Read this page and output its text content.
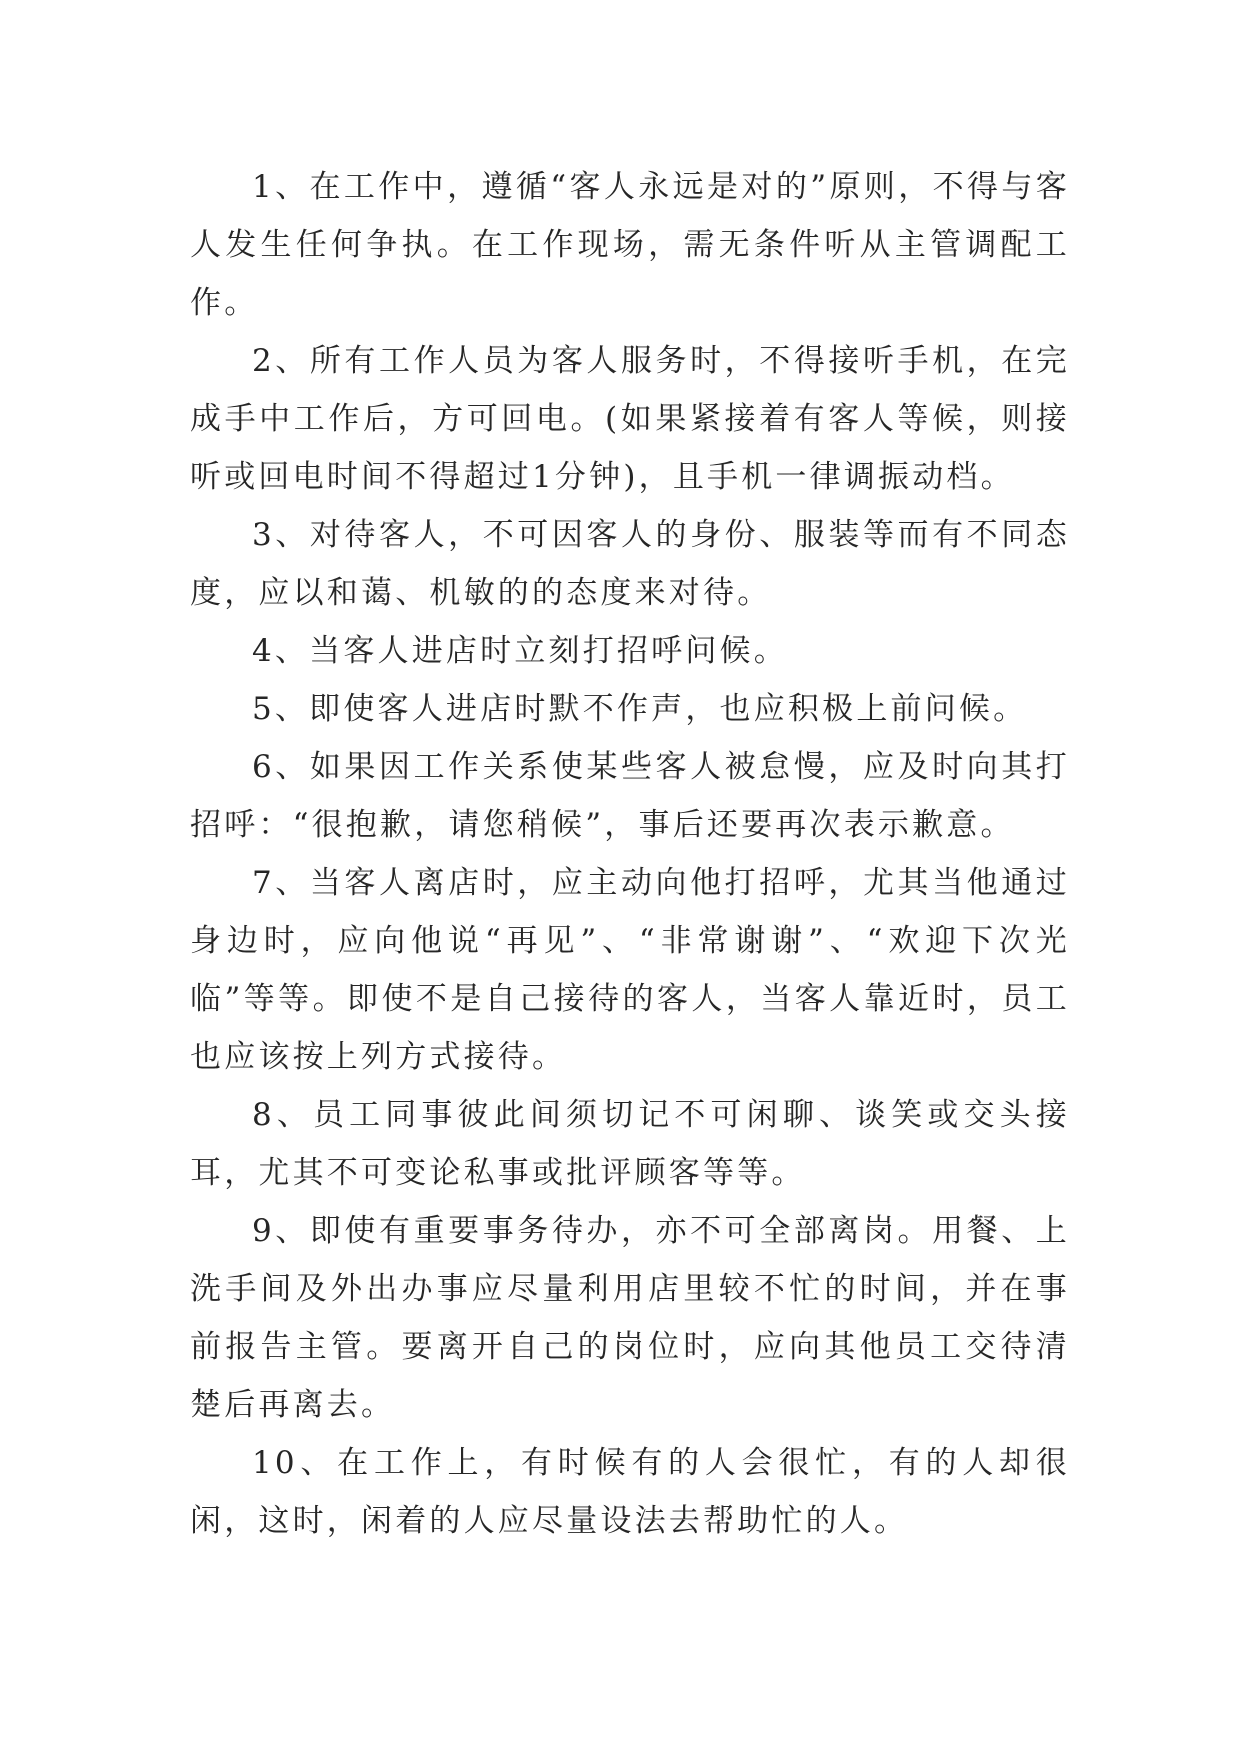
1、在工作中，遵循“客人永远是对的”原则，不得与客人发生任何争执。在工作现场，需无条件听从主管调配工作。

2、所有工作人员为客人服务时，不得接听手机，在完成手中工作后，方可回电。(如果紧接着有客人等候，则接听或回电时间不得超过1分钟)，且手机一律调振动档。

3、对待客人，不可因客人的身份、服装等而有不同态度，应以和蔼、机敏的的态度来对待。

4、当客人进店时立刻打招呼问候。

5、即使客人进店时默不作声，也应积极上前问候。

6、如果因工作关系使某些客人被怠慢，应及时向其打招呼：“很抱歉，请您稍候”，事后还要再次表示歉意。

7、当客人离店时，应主动向他打招呼，尤其当他通过身边时，应向他说“再见”、“非常谢谢”、“欢迎下次光临”等等。即使不是自己接待的客人，当客人靠近时，员工也应该按上列方式接待。

8、员工同事彼此间须切记不可闲聊、谈笑或交头接耳，尤其不可变论私事或批评顾客等等。

9、即使有重要事务待办，亦不可全部离岗。用餐、上洗手间及外出办事应尽量利用店里较不忙的时间，并在事前报告主管。要离开自己的岗位时，应向其他员工交待清楚后再离去。

10、在工作上，有时候有的人会很忙，有的人却很闲，这时，闲着的人应尽量设法去帮助忙的人。
